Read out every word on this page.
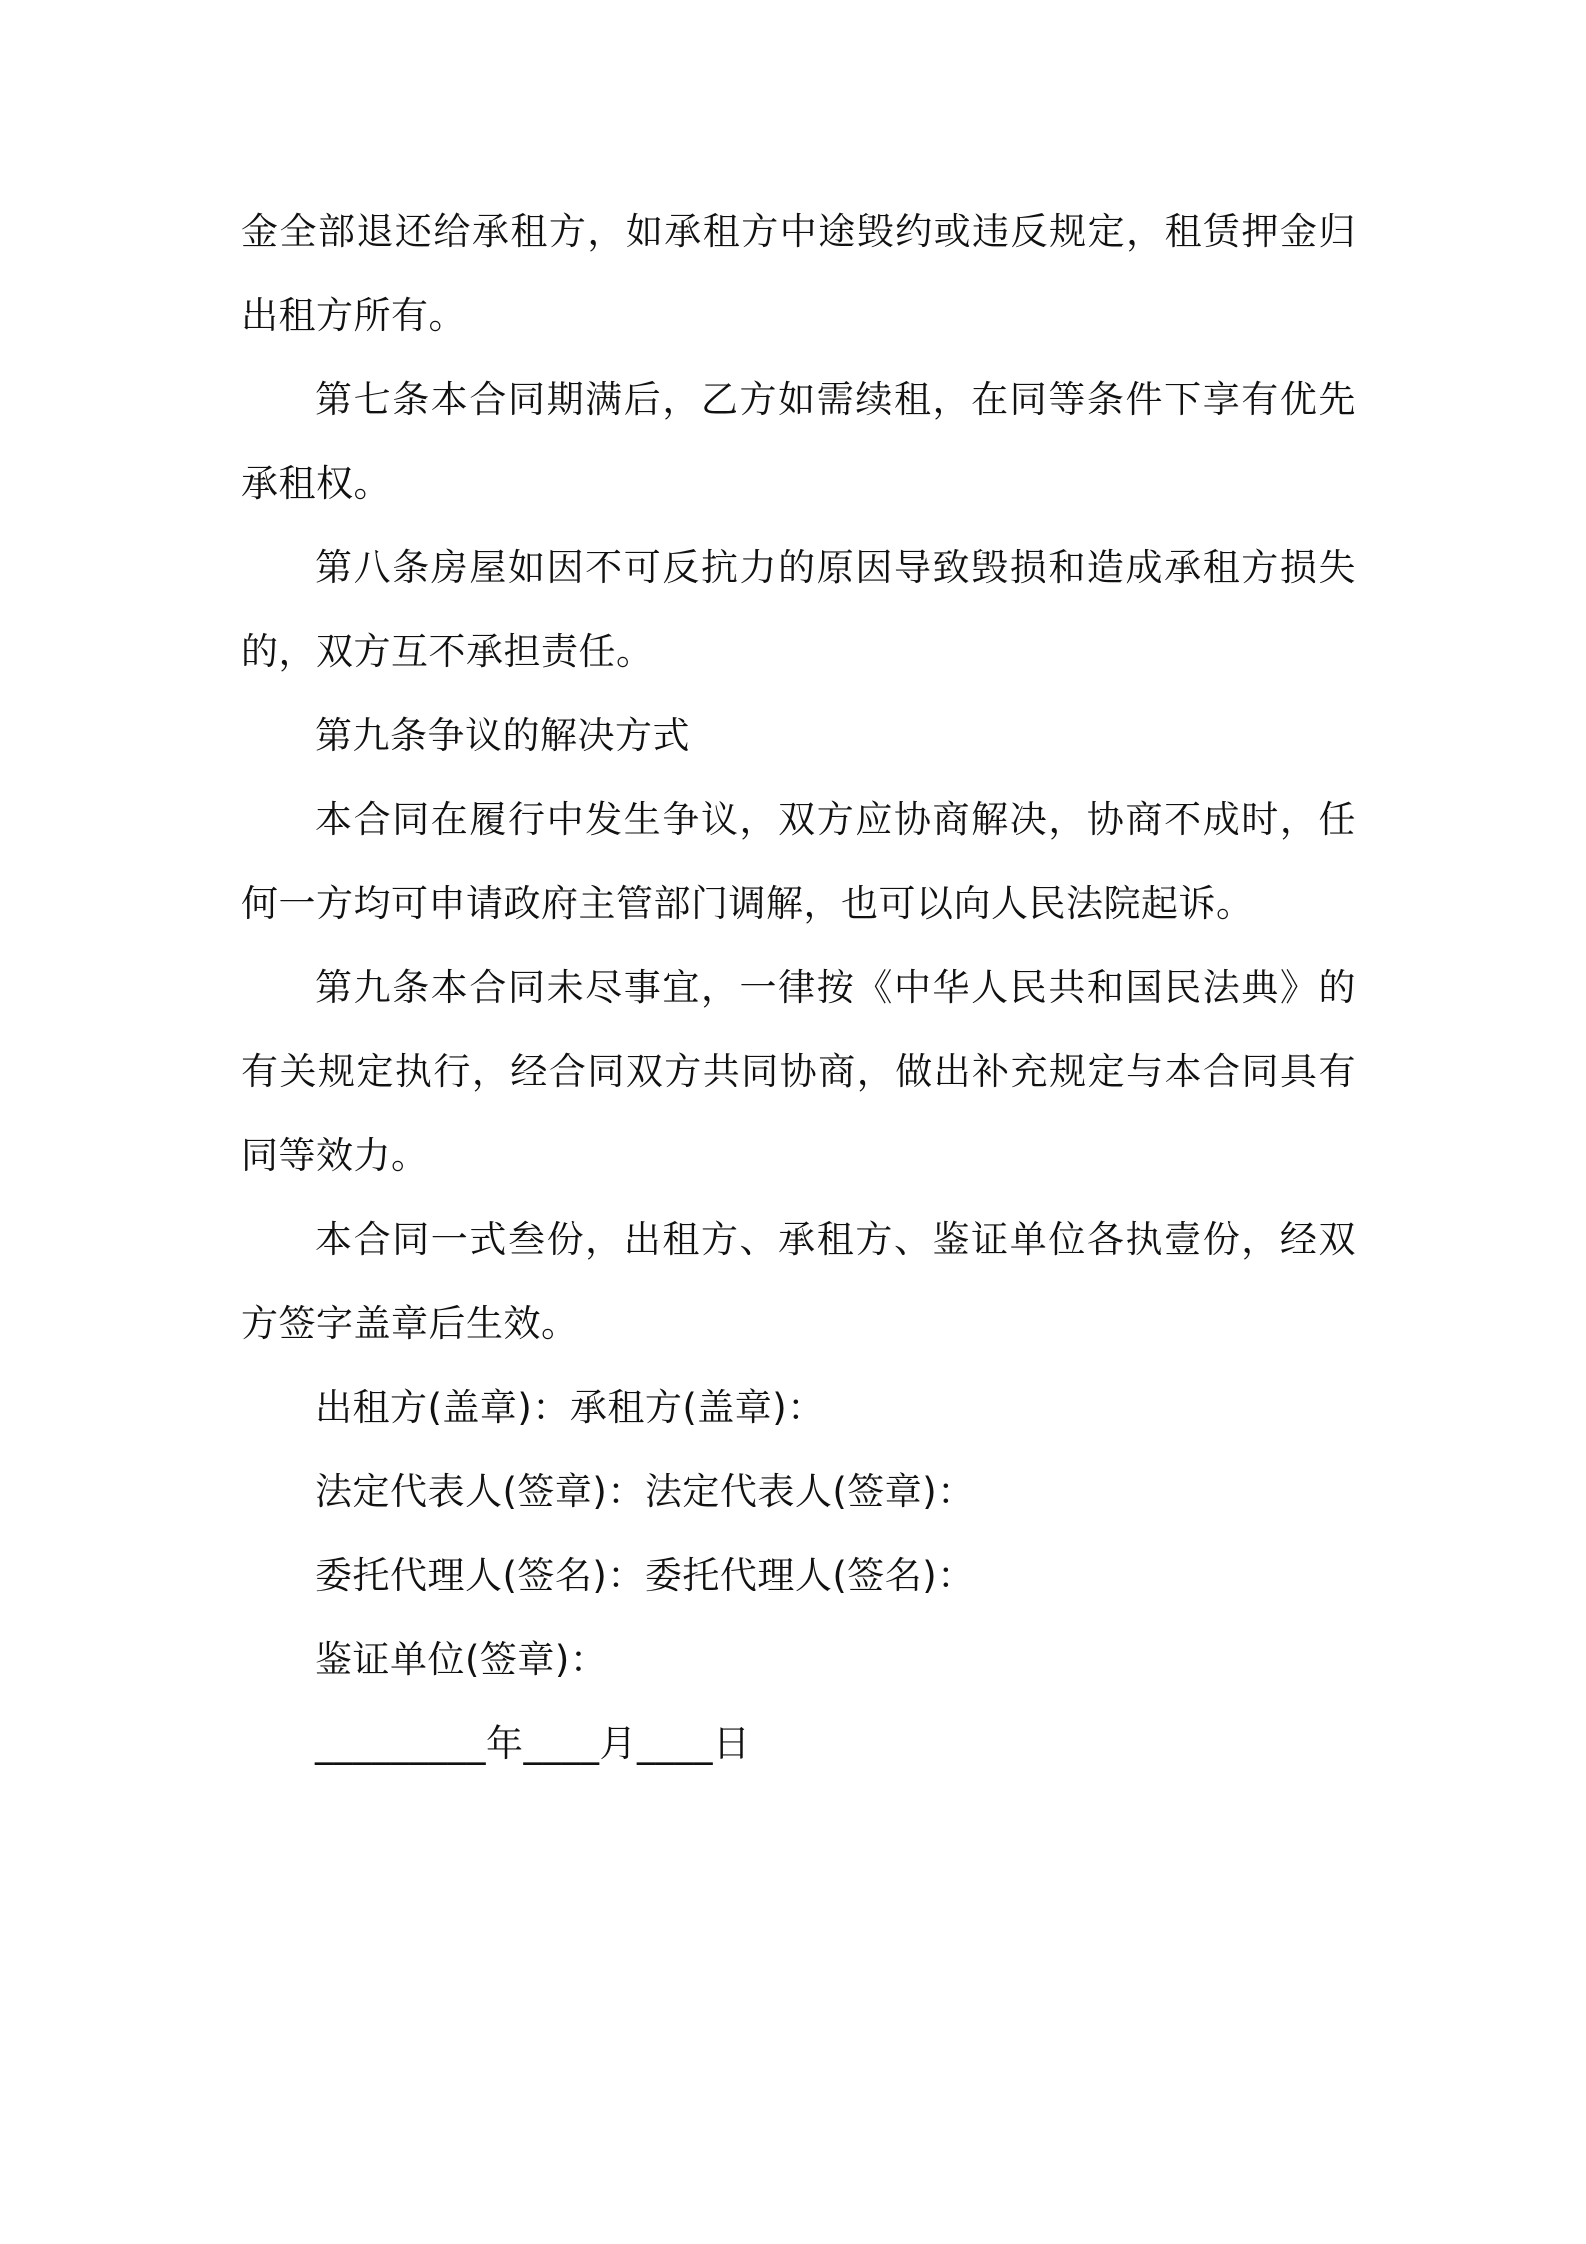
金全部退还给承租方，如承租方中途毁约或违反规定，租赁押金归出租方所有。

第七条本合同期满后，乙方如需续租，在同等条件下享有优先承租权。

第八条房屋如因不可反抗力的原因导致毁损和造成承租方损失的，双方互不承担责任。

第九条争议的解决方式

本合同在履行中发生争议，双方应协商解决，协商不成时，任何一方均可申请政府主管部门调解，也可以向人民法院起诉。

第九条本合同未尽事宜，一律按《中华人民共和国民法典》的有关规定执行，经合同双方共同协商，做出补充规定与本合同具有同等效力。

本合同一式叁份，出租方、承租方、鉴证单位各执壹份，经双方签字盖章后生效。

出租方(盖章)：承租方(盖章)：

法定代表人(签章)：法定代表人(签章)：

委托代理人(签名)：委托代理人(签名)：

鉴证单位(签章)：

_________年____月____日
